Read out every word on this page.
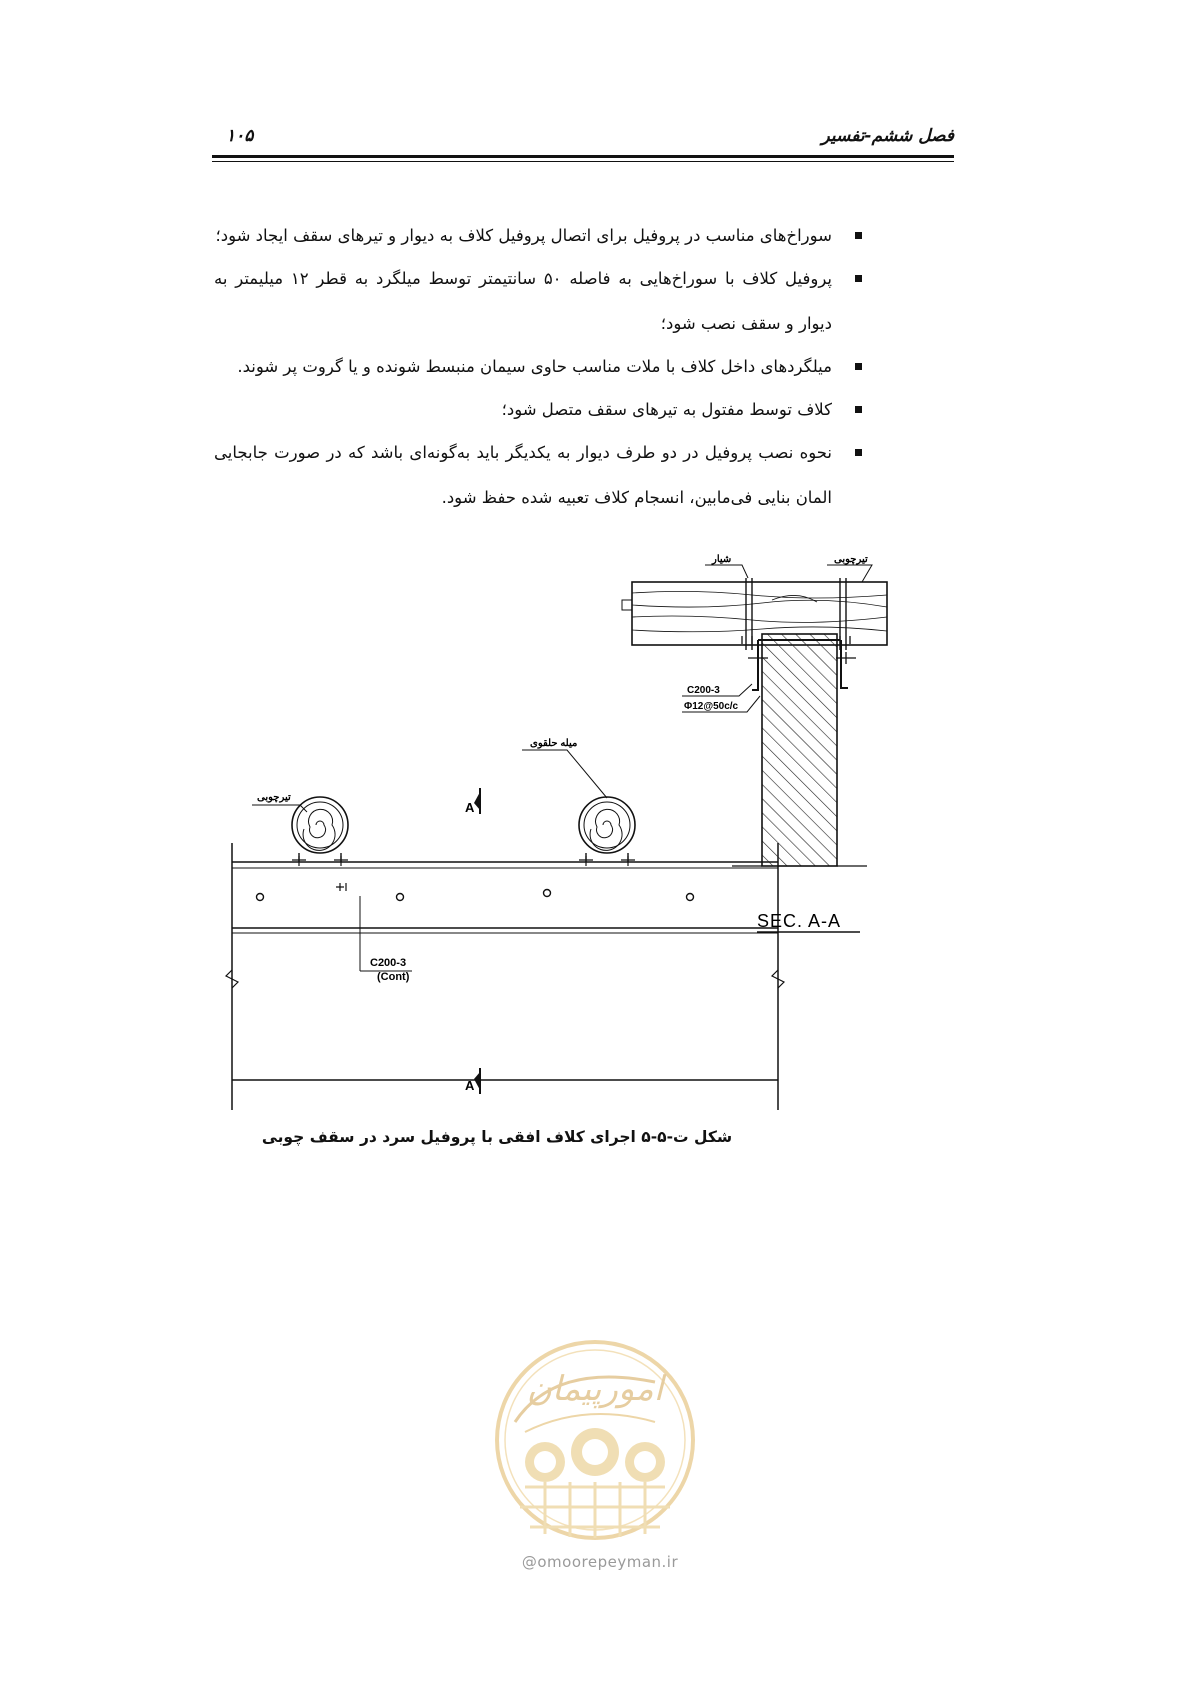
فصل ششم-تفسیر
۱۰۵
سوراخ‌های مناسب در پروفیل برای اتصال پروفیل کلاف به دیوار و تیرهای سقف ایجاد شود؛
پروفیل کلاف با سوراخ‌هایی به فاصله ۵۰ سانتیمتر توسط میلگرد به قطر ۱۲ میلیمتر به دیوار و سقف نصب شود؛
میلگردهای داخل کلاف با ملات مناسب حاوی سیمان منبسط شونده و یا گروت پر شوند.
کلاف توسط مفتول به تیرهای سقف متصل شود؛
نحوه نصب پروفیل در دو طرف دیوار به یکدیگر باید به‌گونه‌ای باشد که در صورت جابجایی المان بنایی فی‌مابین، انسجام کلاف تعبیه شده حفظ شود.
تیرچوبی
میله حلقوی
A
A
C200-3
(Cont)
شیار	تیرچوبی
C200-3
Φ12@50c/c
SEC. A-A
شکل ت-۵-۵ اجرای کلاف افقی با پروفیل سرد در سقف چوبی
امورپیمان
@omoorepeyman.ir
